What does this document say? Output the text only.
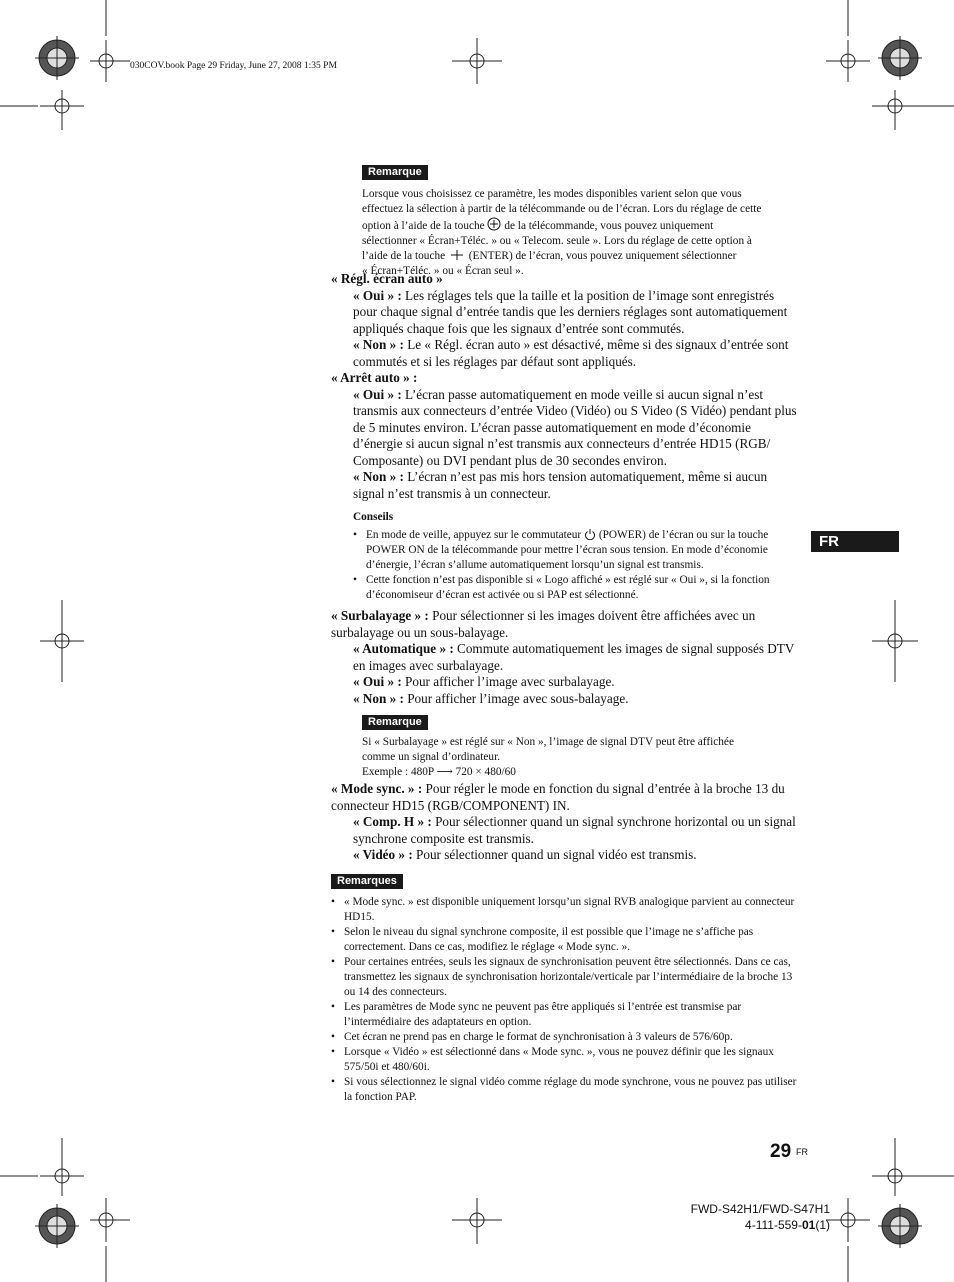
030COV.book Page 29 Friday, June 27, 2008 1:35 PM
Remarque
Lorsque vous choisissez ce paramètre, les modes disponibles varient selon que vous
effectuez la sélection à partir de la télécommande ou de l’écran. Lors du réglage de cette
option à l’aide de la touche de la télécommande, vous pouvez uniquement
sélectionner « Écran+Téléc. » ou « Telecom. seule ». Lors du réglage de cette option à
l’aide de la touche (ENTER) de l’écran, vous pouvez uniquement sélectionner
« Écran+Téléc. » ou « Écran seul ».

« Régl. écran auto »

« Oui » : Les réglages tels que la taille et la position de l’image sont enregistrés pour chaque signal d’entrée tandis que les derniers réglages sont automatiquement appliqués chaque fois que les signaux d’entrée sont commutés.

« Non » : Le « Régl. écran auto » est désactivé, même si des signaux d’entrée sont commutés et si les réglages par défaut sont appliqués.

« Arrêt auto » :

« Oui » : L’écran passe automatiquement en mode veille si aucun signal n’est transmis aux connecteurs d’entrée Video (Vidéo) ou S Video (S Vidéo) pendant plus de 5 minutes environ. L’écran passe automatiquement en mode d’économie d’énergie si aucun signal n’est transmis aux connecteurs d’entrée HD15 (RGB/ Composante) ou DVI pendant plus de 30 secondes environ.

« Non » : L’écran n’est pas mis hors tension automatiquement, même si aucun signal n’est transmis à un connecteur.

Conseils
• En mode de veille, appuyez sur le commutateur (POWER) de l’écran ou sur la touche POWER ON de la télécommande pour mettre l’écran sous tension. En mode d’économie d’énergie, l’écran s’allume automatiquement lorsqu’un signal est transmis.
• Cette fonction n’est pas disponible si « Logo affiché » est réglé sur « Oui », si la fonction d’économiseur d’écran est activée ou si PAP est sélectionné.

« Surbalayage » : Pour sélectionner si les images doivent être affichées avec un surbalayage ou un sous-balayage.

« Automatique » : Commute automatiquement les images de signal supposés DTV en images avec surbalayage.

« Oui » : Pour afficher l’image avec surbalayage.

« Non » : Pour afficher l’image avec sous-balayage.

Remarque
Si « Surbalayage » est réglé sur « Non », l’image de signal DTV peut être affichée
comme un signal d’ordinateur.
Exemple : 480P ⟶ 720 × 480/60

« Mode sync. » : Pour régler le mode en fonction du signal d’entrée à la broche 13 du connecteur HD15 (RGB/COMPONENT) IN.

« Comp. H » : Pour sélectionner quand un signal synchrone horizontal ou un signal synchrone composite est transmis.

« Vidéo » : Pour sélectionner quand un signal vidéo est transmis.

Remarques
• « Mode sync. » est disponible uniquement lorsqu’un signal RVB analogique parvient au connecteur HD15.
• Selon le niveau du signal synchrone composite, il est possible que l’image ne s’affiche pas correctement. Dans ce cas, modifiez le réglage « Mode sync. ».
• Pour certaines entrées, seuls les signaux de synchronisation peuvent être sélectionnés. Dans ce cas, transmettez les signaux de synchronisation horizontale/verticale par l’intermédiaire de la broche 13 ou 14 des connecteurs.
• Les paramètres de Mode sync ne peuvent pas être appliqués si l’entrée est transmise par l’intermédiaire des adaptateurs en option.
• Cet écran ne prend pas en charge le format de synchronisation à 3 valeurs de 576/60p.
• Lorsque « Vidéo » est sélectionné dans « Mode sync. », vous ne pouvez définir que les signaux 575/50i et 480/60i.
• Si vous sélectionnez le signal vidéo comme réglage du mode synchrone, vous ne pouvez pas utiliser la fonction PAP.
FR
29 FR
FWD-S42H1/FWD-S47H1
4-111-559-01(1)
